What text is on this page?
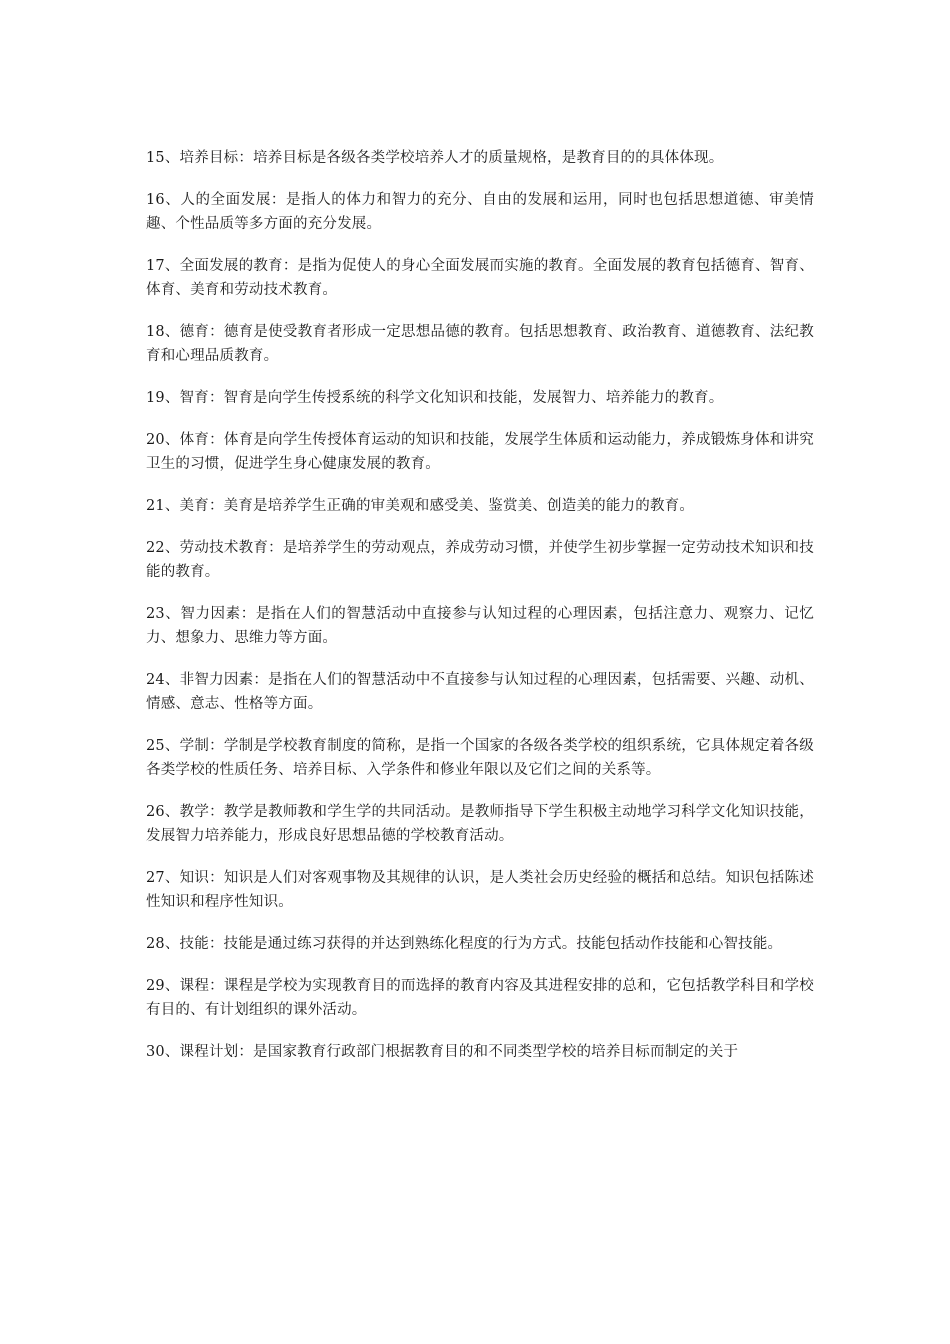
15、培养目标：培养目标是各级各类学校培养人才的质量规格，是教育目的的具体体现。

16、人的全面发展：是指人的体力和智力的充分、自由的发展和运用，同时也包括思想道德、审美情趣、个性品质等多方面的充分发展。

17、全面发展的教育：是指为促使人的身心全面发展而实施的教育。全面发展的教育包括德育、智育、体育、美育和劳动技术教育。

18、德育：德育是使受教育者形成一定思想品德的教育。包括思想教育、政治教育、道德教育、法纪教育和心理品质教育。

19、智育：智育是向学生传授系统的科学文化知识和技能，发展智力、培养能力的教育。

20、体育：体育是向学生传授体育运动的知识和技能，发展学生体质和运动能力，养成锻炼身体和讲究卫生的习惯，促进学生身心健康发展的教育。

21、美育：美育是培养学生正确的审美观和感受美、鉴赏美、创造美的能力的教育。

22、劳动技术教育：是培养学生的劳动观点，养成劳动习惯，并使学生初步掌握一定劳动技术知识和技能的教育。

23、智力因素：是指在人们的智慧活动中直接参与认知过程的心理因素，包括注意力、观察力、记忆力、想象力、思维力等方面。

24、非智力因素：是指在人们的智慧活动中不直接参与认知过程的心理因素，包括需要、兴趣、动机、情感、意志、性格等方面。

25、学制：学制是学校教育制度的简称，是指一个国家的各级各类学校的组织系统，它具体规定着各级各类学校的性质任务、培养目标、入学条件和修业年限以及它们之间的关系等。

26、教学：教学是教师教和学生学的共同活动。是教师指导下学生积极主动地学习科学文化知识技能，发展智力培养能力，形成良好思想品德的学校教育活动。

27、知识：知识是人们对客观事物及其规律的认识，是人类社会历史经验的概括和总结。知识包括陈述性知识和程序性知识。

28、技能：技能是通过练习获得的并达到熟练化程度的行为方式。技能包括动作技能和心智技能。

29、课程：课程是学校为实现教育目的而选择的教育内容及其进程安排的总和，它包括教学科目和学校有目的、有计划组织的课外活动。

30、课程计划：是国家教育行政部门根据教育目的和不同类型学校的培养目标而制定的关于
